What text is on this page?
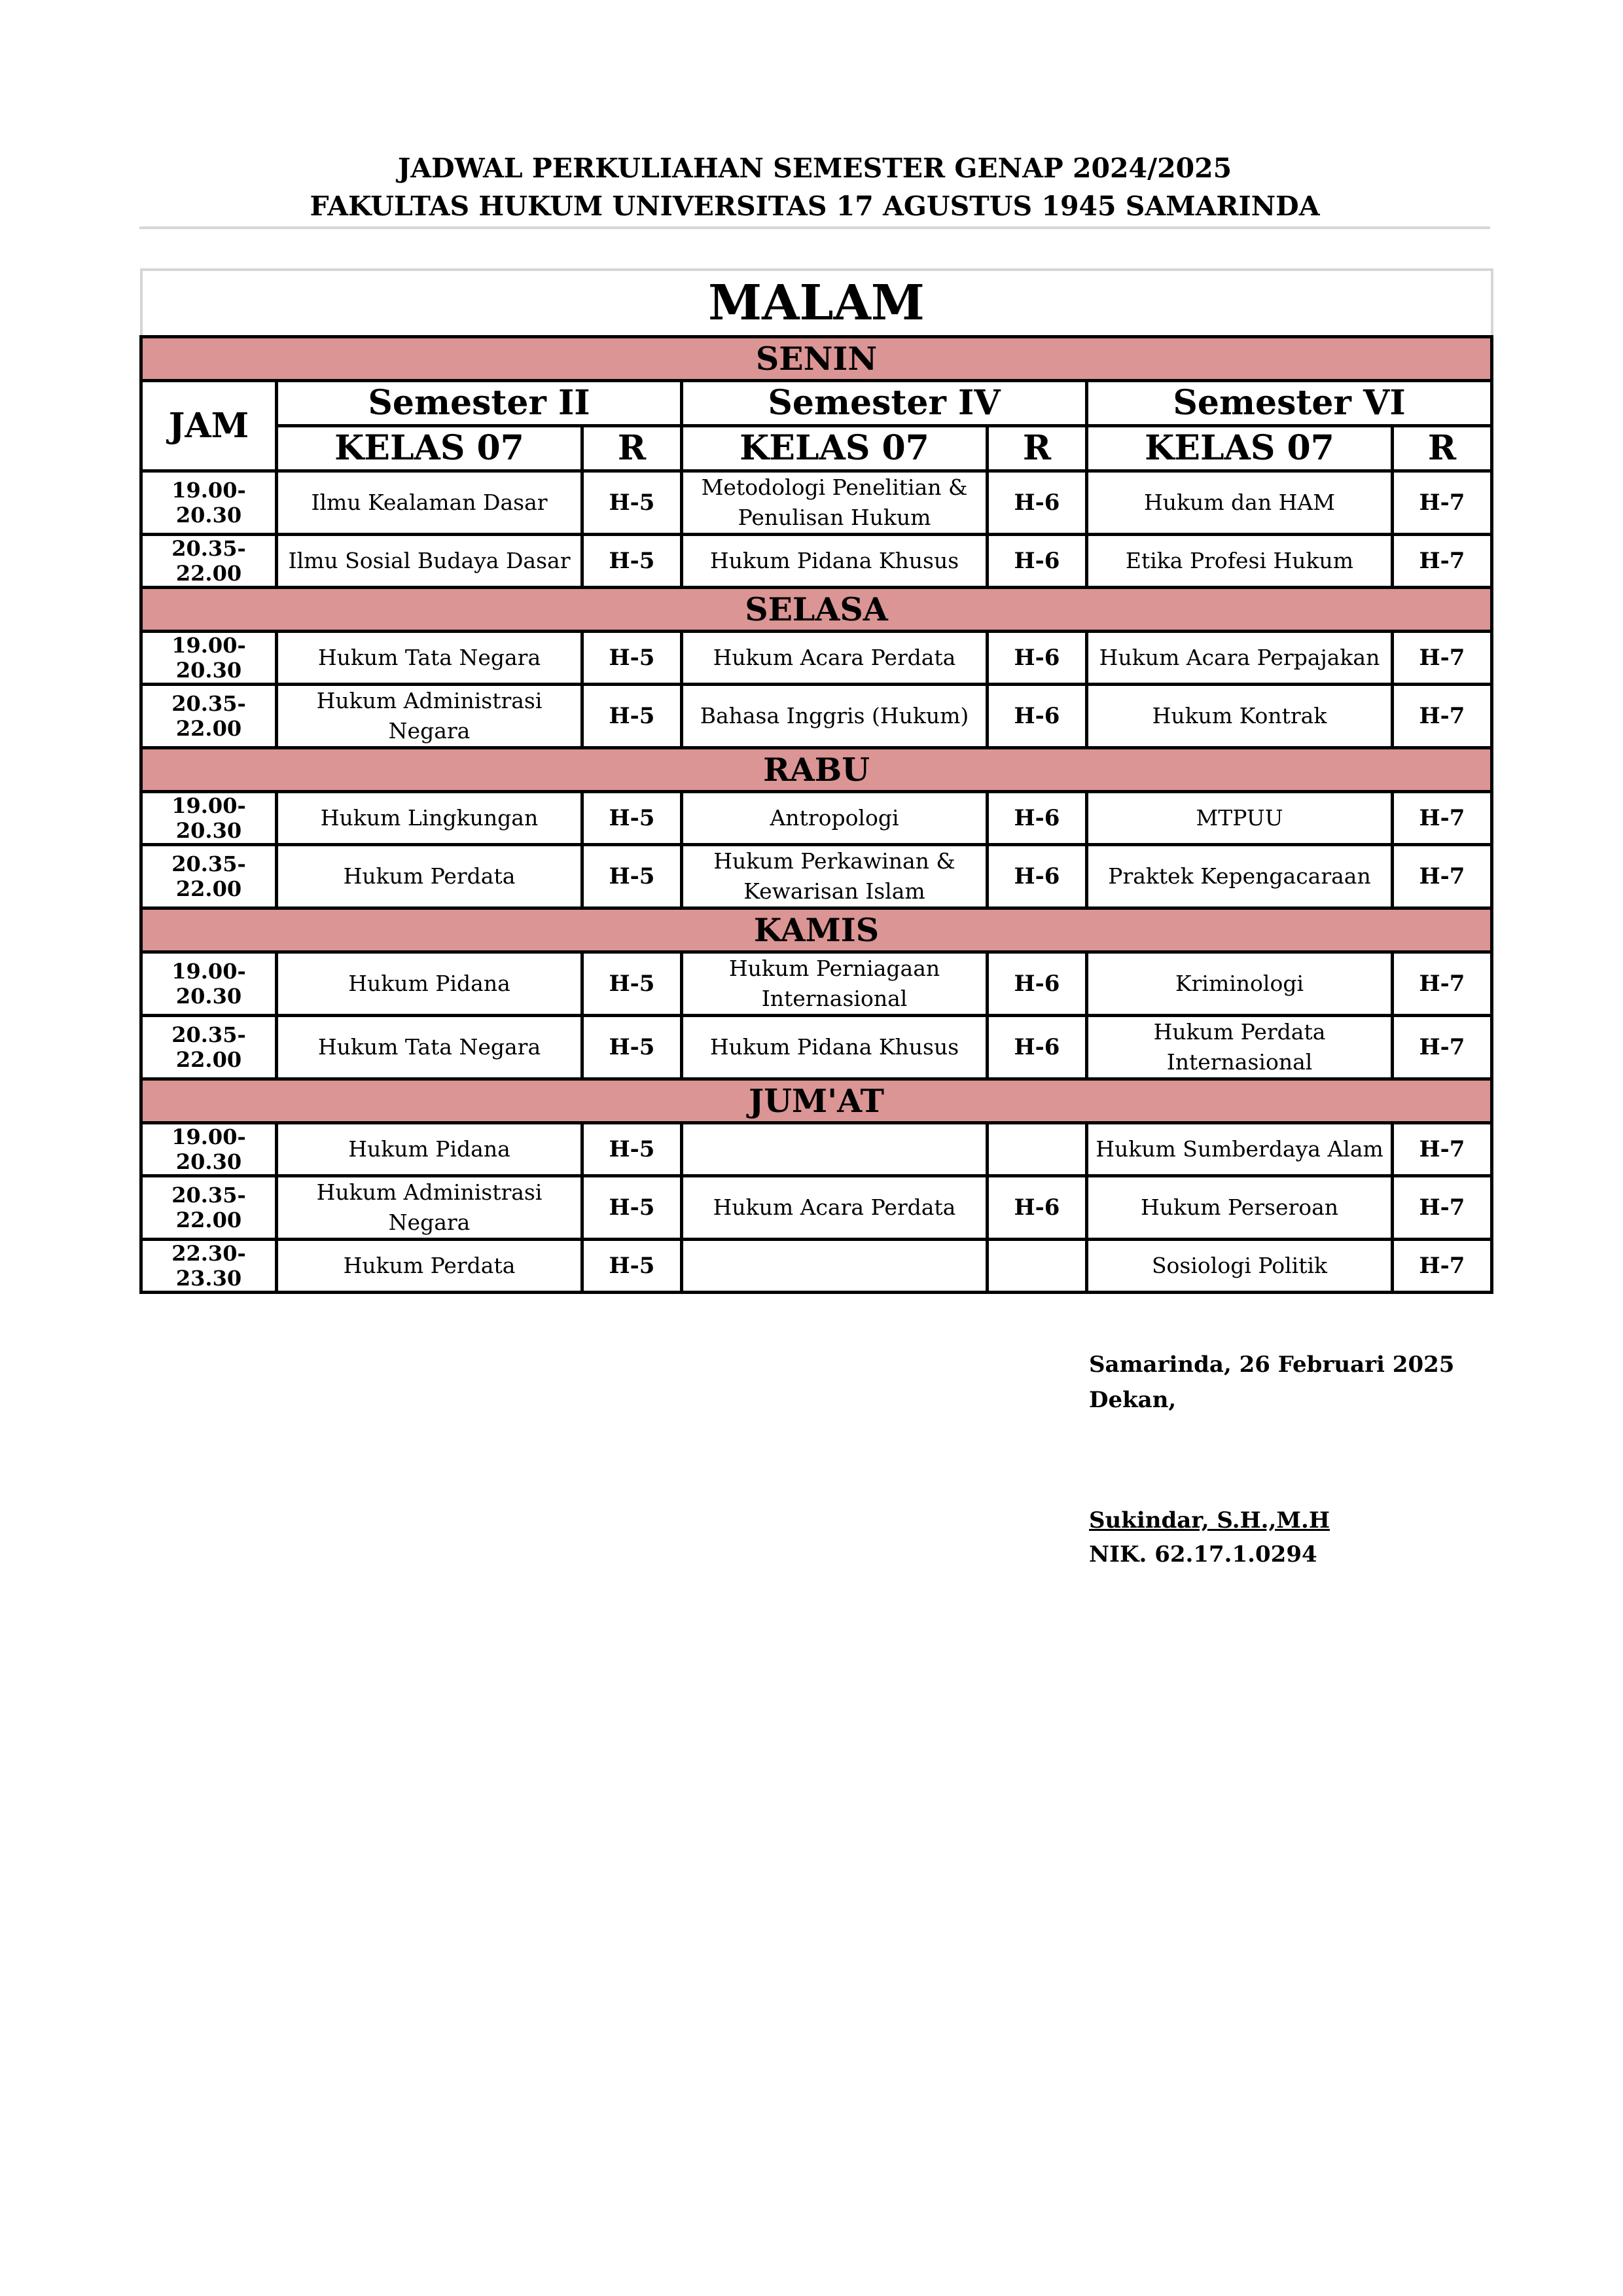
JADWAL PERKULIAHAN SEMESTER GENAP 2024/2025
FAKULTAS HUKUM UNIVERSITAS 17 AGUSTUS 1945 SAMARINDA
MALAM						
SENIN						
JAM	Semester II		Semester IV		Semester VI	
	KELAS 07	R	KELAS 07	R	KELAS 07	R
19.00-20.30	Ilmu Kealaman Dasar	H-5	Metodologi Penelitian & Penulisan Hukum	H-6	Hukum dan HAM	H-7
20.35-22.00	Ilmu Sosial Budaya Dasar	H-5	Hukum Pidana Khusus	H-6	Etika Profesi Hukum	H-7
SELASA						
19.00-20.30	Hukum Tata Negara	H-5	Hukum Acara Perdata	H-6	Hukum Acara Perpajakan	H-7
20.35-22.00	Hukum Administrasi Negara	H-5	Bahasa Inggris (Hukum)	H-6	Hukum Kontrak	H-7
RABU						
19.00-20.30	Hukum Lingkungan	H-5	Antropologi	H-6	MTPUU	H-7
20.35-22.00	Hukum Perdata	H-5	Hukum Perkawinan & Kewarisan Islam	H-6	Praktek Kepengacaraan	H-7
KAMIS						
19.00-20.30	Hukum Pidana	H-5	Hukum Perniagaan Internasional	H-6	Kriminologi	H-7
20.35-22.00	Hukum Tata Negara	H-5	Hukum Pidana Khusus	H-6	Hukum Perdata Internasional	H-7
JUM'AT						
19.00-20.30	Hukum Pidana	H-5			Hukum Sumberdaya Alam	H-7
20.35-22.00	Hukum Administrasi Negara	H-5	Hukum Acara Perdata	H-6	Hukum Perseroan	H-7
22.30-23.30	Hukum Perdata	H-5			Sosiologi Politik	H-7
Samarinda, 26 Februari 2025
Dekan,
Sukindar, S.H.,M.H
NIK. 62.17.1.0294
